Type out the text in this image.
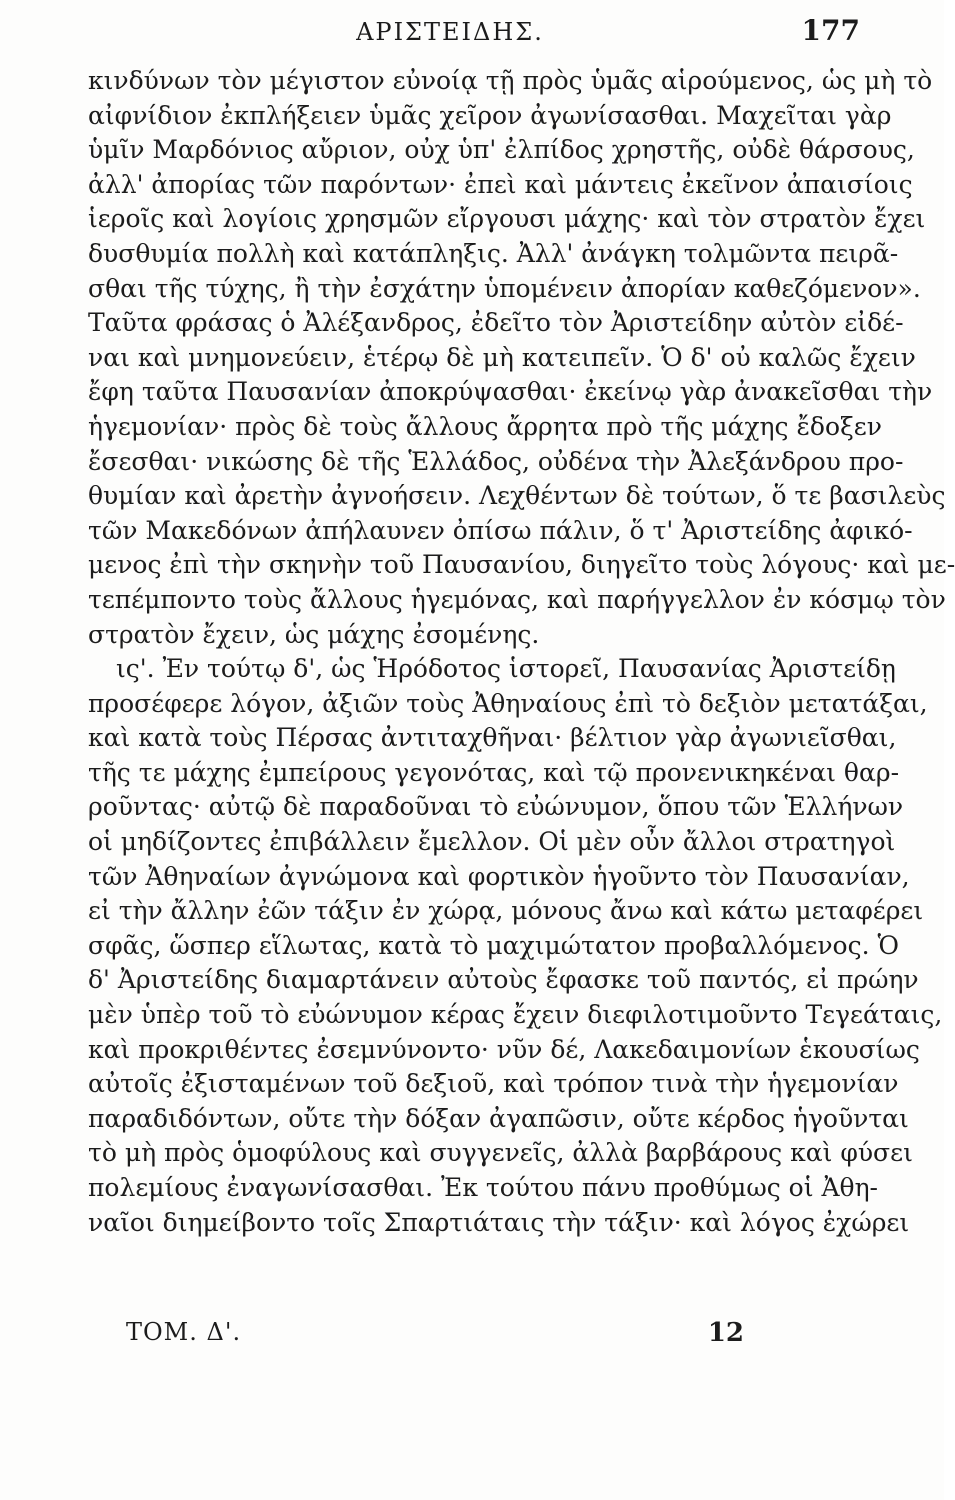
ΑΡΙΣΤΕΙΔΗΣ.	177
κινδύνων τὸν μέγιστον εὐνοίᾳ τῇ πρὸς ὑμᾶς αἱρούμενος, ὡς μὴ τὸ
αἰφνίδιον ἐκπλήξειεν ὑμᾶς χεῖρον ἀγωνίσασθαι. Μαχεῖται γὰρ
ὑμῖν Μαρδόνιος αὔριον, οὐχ ὑπ' ἐλπίδος χρηστῆς, οὐδὲ θάρσους,
ἀλλ' ἀπορίας τῶν παρόντων· ἐπεὶ καὶ μάντεις ἐκεῖνον ἀπαισίοις
ἱεροῖς καὶ λογίοις χρησμῶν εἴργουσι μάχης· καὶ τὸν στρατὸν ἔχει
δυσθυμία πολλὴ καὶ κατάπληξις. Ἀλλ' ἀνάγκη τολμῶντα πειρᾶ-
σθαι τῆς τύχης, ἢ τὴν ἐσχάτην ὑπομένειν ἀπορίαν καθεζόμενον».
Ταῦτα φράσας ὁ Ἀλέξανδρος, ἐδεῖτο τὸν Ἀριστείδην αὐτὸν εἰδέ-
ναι καὶ μνημονεύειν, ἑτέρῳ δὲ μὴ κατειπεῖν. Ὁ δ' οὐ καλῶς ἔχειν
ἔφη ταῦτα Παυσανίαν ἀποκρύψασθαι· ἐκείνῳ γὰρ ἀνακεῖσθαι τὴν
ἡγεμονίαν· πρὸς δὲ τοὺς ἄλλους ἄρρητα πρὸ τῆς μάχης ἔδοξεν
ἔσεσθαι· νικώσης δὲ τῆς Ἑλλάδος, οὐδένα τὴν Ἀλεξάνδρου προ-
θυμίαν καὶ ἀρετὴν ἀγνοήσειν. Λεχθέντων δὲ τούτων, ὅ τε βασιλεὺς
τῶν Μακεδόνων ἀπήλαυνεν ὀπίσω πάλιν, ὅ τ' Ἀριστείδης ἀφικό-
μενος ἐπὶ τὴν σκηνὴν τοῦ Παυσανίου, διηγεῖτο τοὺς λόγους· καὶ με-
τεπέμποντο τοὺς ἄλλους ἡγεμόνας, καὶ παρήγγελλον ἐν κόσμῳ τὸν
στρατὸν ἔχειν, ὡς μάχης ἐσομένης.
ις'. Ἐν τούτῳ δ', ὡς Ἡρόδοτος ἱστορεῖ, Παυσανίας Ἀριστείδῃ
προσέφερε λόγον, ἀξιῶν τοὺς Ἀθηναίους ἐπὶ τὸ δεξιὸν μετατάξαι,
καὶ κατὰ τοὺς Πέρσας ἀντιταχθῆναι· βέλτιον γὰρ ἀγωνιεῖσθαι,
τῆς τε μάχης ἐμπείρους γεγονότας, καὶ τῷ προνενικηκέναι θαρ-
ροῦντας· αὐτῷ δὲ παραδοῦναι τὸ εὐώνυμον, ὅπου τῶν Ἑλλήνων
οἱ μηδίζοντες ἐπιβάλλειν ἔμελλον. Οἱ μὲν οὖν ἄλλοι στρατηγοὶ
τῶν Ἀθηναίων ἀγνώμονα καὶ φορτικὸν ἡγοῦντο τὸν Παυσανίαν,
εἰ τὴν ἄλλην ἐῶν τάξιν ἐν χώρᾳ, μόνους ἄνω καὶ κάτω μεταφέρει
σφᾶς, ὥσπερ εἵλωτας, κατὰ τὸ μαχιμώτατον προβαλλόμενος. Ὁ
δ' Ἀριστείδης διαμαρτάνειν αὐτοὺς ἔφασκε τοῦ παντός, εἰ πρώην
μὲν ὑπὲρ τοῦ τὸ εὐώνυμον κέρας ἔχειν διεφιλοτιμοῦντο Τεγεάταις,
καὶ προκριθέντες ἐσεμνύνοντο· νῦν δέ, Λακεδαιμονίων ἑκουσίως
αὐτοῖς ἐξισταμένων τοῦ δεξιοῦ, καὶ τρόπον τινὰ τὴν ἡγεμονίαν
παραδιδόντων, οὔτε τὴν δόξαν ἀγαπῶσιν, οὔτε κέρδος ἡγοῦνται
τὸ μὴ πρὸς ὁμοφύλους καὶ συγγενεῖς, ἀλλὰ βαρβάρους καὶ φύσει
πολεμίους ἐναγωνίσασθαι. Ἐκ τούτου πάνυ προθύμως οἱ Ἀθη-
ναῖοι διημείβοντο τοῖς Σπαρτιάταις τὴν τάξιν· καὶ λόγος ἐχώρει
ΤΟΜ. Δ'.	12
